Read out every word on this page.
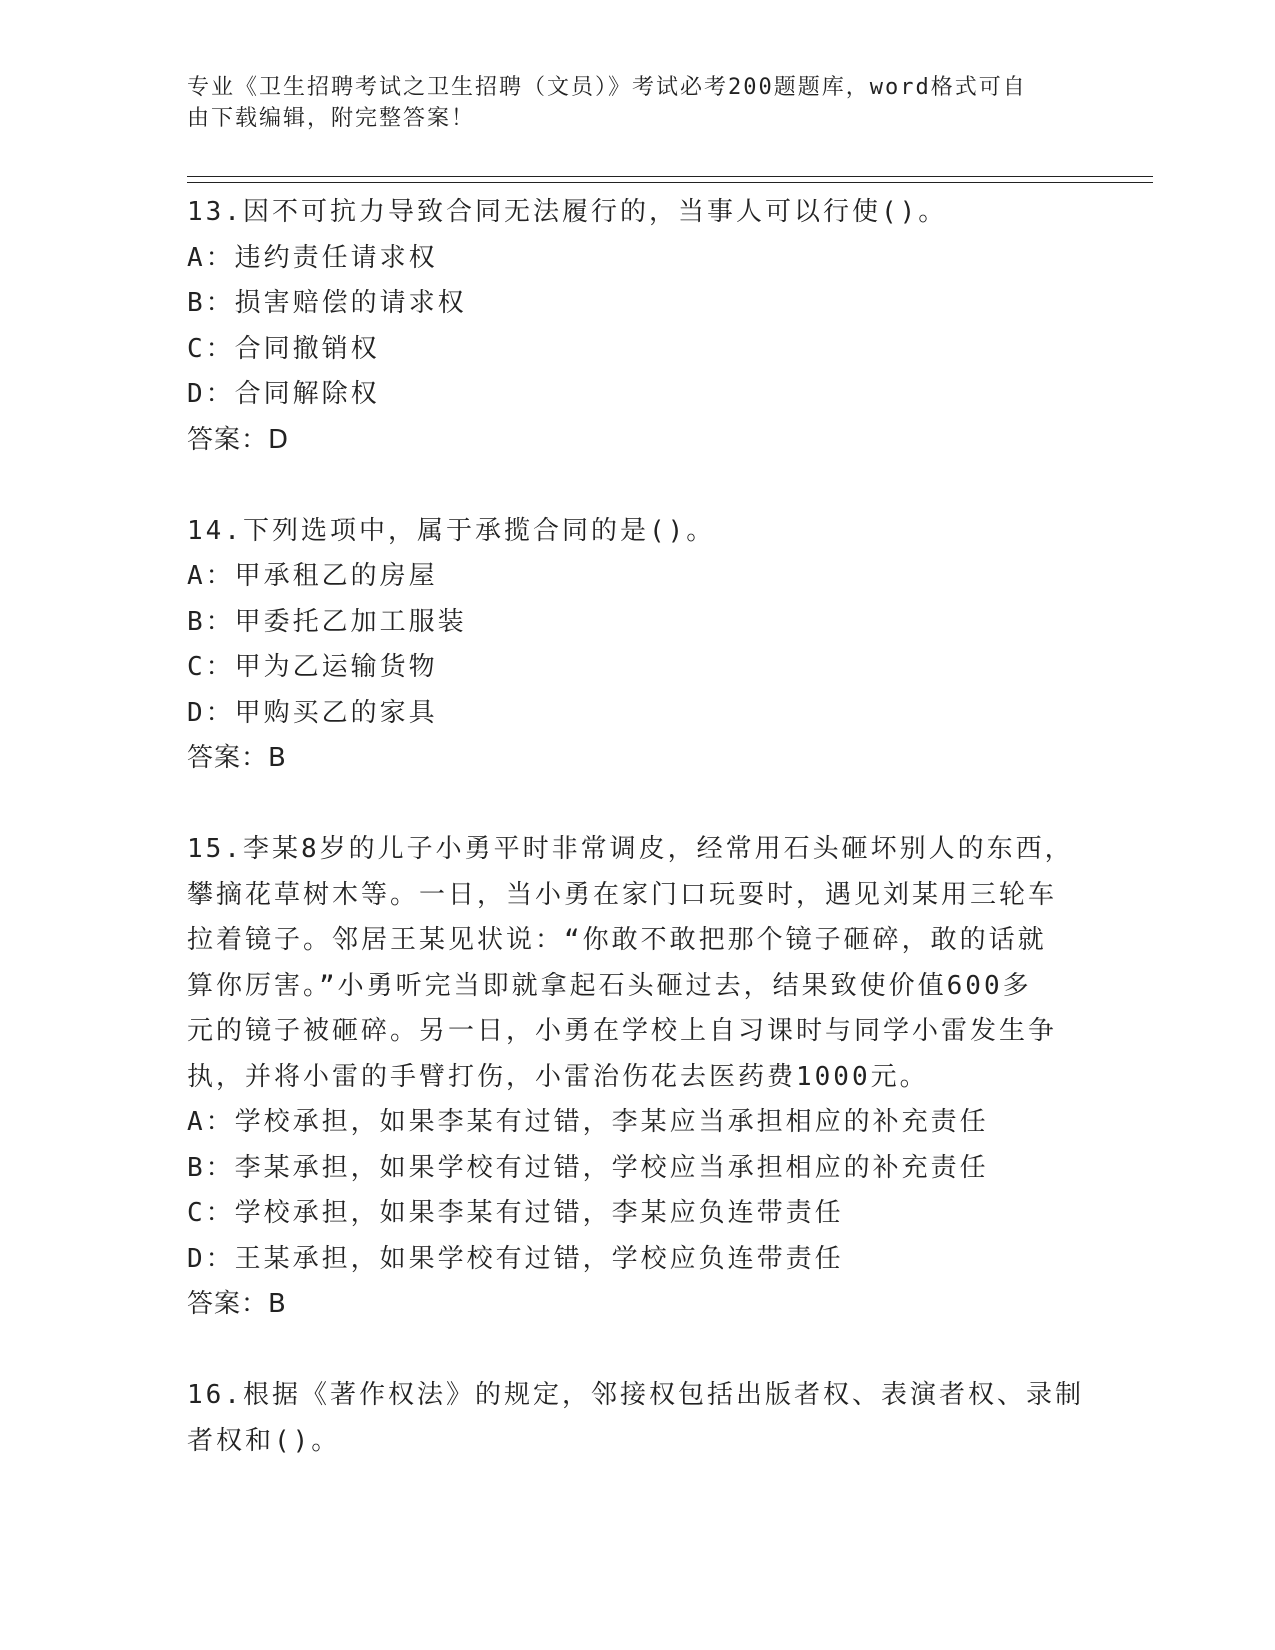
专业《卫生招聘考试之卫生招聘（文员）》考试必考200题题库，word格式可自
由下载编辑，附完整答案！
13.因不可抗力导致合同无法履行的，当事人可以行使()。
A：违约责任请求权
B：损害赔偿的请求权
C：合同撤销权
D：合同解除权
答案：D
14.下列选项中，属于承揽合同的是()。
A：甲承租乙的房屋
B：甲委托乙加工服装
C：甲为乙运输货物
D：甲购买乙的家具
答案：B
15.李某8岁的儿子小勇平时非常调皮，经常用石头砸坏别人的东西，
攀摘花草树木等。一日，当小勇在家门口玩耍时，遇见刘某用三轮车
拉着镜子。邻居王某见状说：“你敢不敢把那个镜子砸碎，敢的话就
算你厉害。”小勇听完当即就拿起石头砸过去，结果致使价值600多
元的镜子被砸碎。另一日，小勇在学校上自习课时与同学小雷发生争
执，并将小雷的手臂打伤，小雷治伤花去医药费1000元。
A：学校承担，如果李某有过错，李某应当承担相应的补充责任
B：李某承担，如果学校有过错，学校应当承担相应的补充责任
C：学校承担，如果李某有过错，李某应负连带责任
D：王某承担，如果学校有过错，学校应负连带责任
答案：B
16.根据《著作权法》的规定，邻接权包括出版者权、表演者权、录制
者权和()。
